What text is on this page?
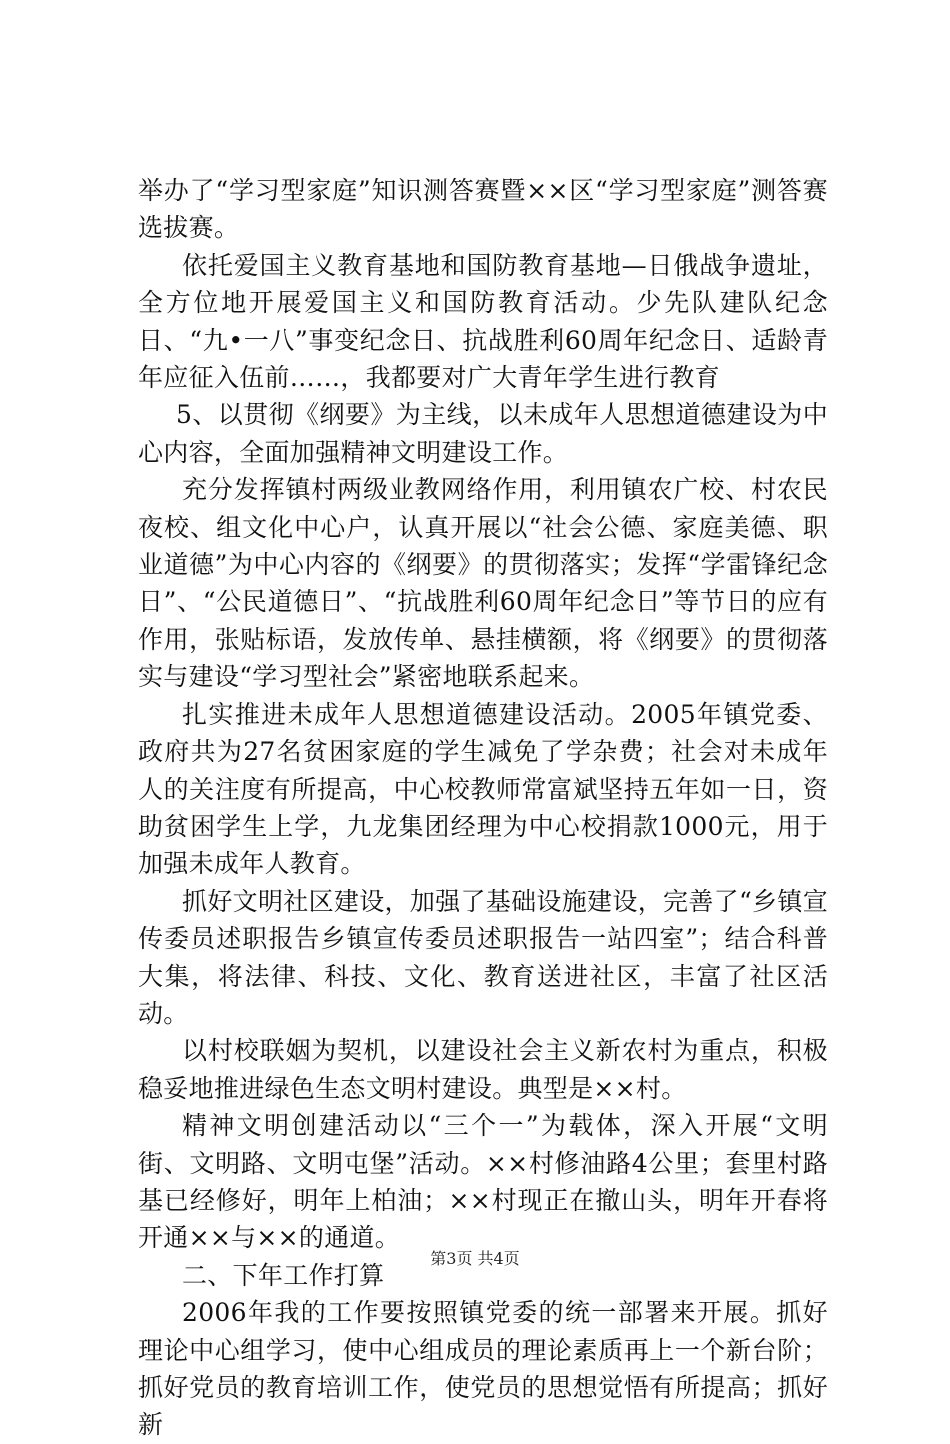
举办了“学习型家庭”知识测答赛暨××区“学习型家庭”测答赛选拔赛。

依托爱国主义教育基地和国防教育基地—日俄战争遗址，全方位地开展爱国主义和国防教育活动。少先队建队纪念日、“九•一八”事变纪念日、抗战胜利60周年纪念日、适龄青年应征入伍前……，我都要对广大青年学生进行教育

5、以贯彻《纲要》为主线，以未成年人思想道德建设为中心内容，全面加强精神文明建设工作。

充分发挥镇村两级业教网络作用，利用镇农广校、村农民夜校、组文化中心户，认真开展以“社会公德、家庭美德、职业道德”为中心内容的《纲要》的贯彻落实；发挥“学雷锋纪念日”、“公民道德日”、“抗战胜利60周年纪念日”等节日的应有作用，张贴标语，发放传单、悬挂横额，将《纲要》的贯彻落实与建设“学习型社会”紧密地联系起来。

扎实推进未成年人思想道德建设活动。2005年镇党委、政府共为27名贫困家庭的学生减免了学杂费；社会对未成年人的关注度有所提高，中心校教师常富斌坚持五年如一日，资助贫困学生上学，九龙集团经理为中心校捐款1000元，用于加强未成年人教育。

抓好文明社区建设，加强了基础设施建设，完善了“乡镇宣传委员述职报告乡镇宣传委员述职报告一站四室”；结合科普大集，将法律、科技、文化、教育送进社区，丰富了社区活动。

以村校联姻为契机，以建设社会主义新农村为重点，积极稳妥地推进绿色生态文明村建设。典型是××村。

精神文明创建活动以“三个一”为载体，深入开展“文明街、文明路、文明屯堡”活动。××村修油路4公里；套里村路基已经修好，明年上柏油；××村现正在撤山头，明年开春将开通××与××的通道。

二、下年工作打算

2006年我的工作要按照镇党委的统一部署来开展。抓好理论中心组学习，使中心组成员的理论素质再上一个新台阶；抓好党员的教育培训工作，使党员的思想觉悟有所提高；抓好新

第3页 共4页
